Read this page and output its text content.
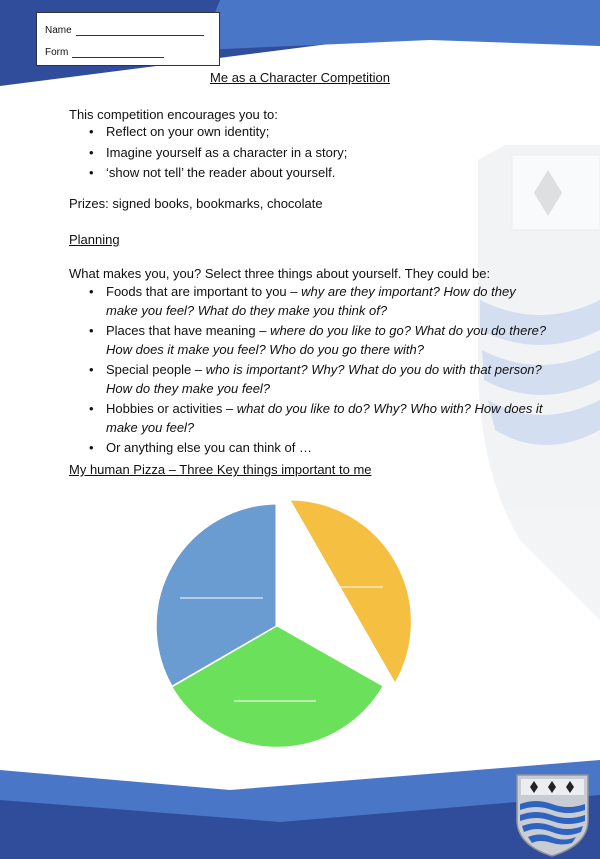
Name
Form
Me as a Character Competition
This competition encourages you to:
• Reflect on your own identity;
• Imagine yourself as a character in a story;
• ‘show not tell’ the reader about yourself.
Prizes: signed books, bookmarks, chocolate
Planning
What makes you, you? Select three things about yourself. They could be:
• Foods that are important to you – why are they important? How do they make you feel? What do they make you think of?
• Places that have meaning – where do you like to go? What do you do there? How does it make you feel? Who do you go there with?
• Special people – who is important? Why? What do you do with that person? How do they make you feel?
• Hobbies or activities – what do you like to do? Why? Who with? How does it make you feel?
• Or anything else you can think of …
My human Pizza – Three Key things important to me
